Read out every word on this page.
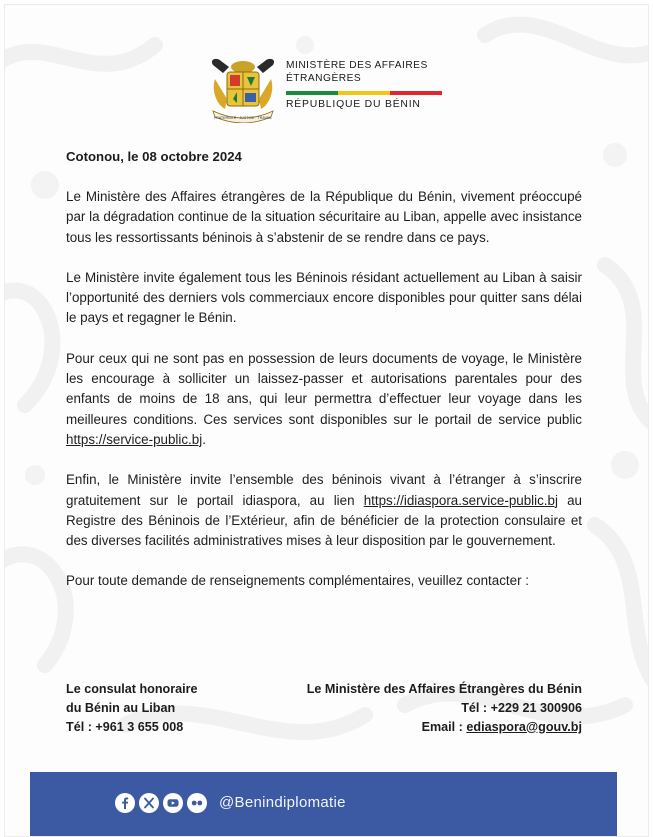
FRATERNITÉ · JUSTICE · TRAVAIL
MINISTÈRE DES AFFAIRES
ÉTRANGÈRES
RÉPUBLIQUE DU BÉNIN

Cotonou, le 08 octobre 2024

Le Ministère des Affaires étrangères de la République du Bénin, vivement préoccupé par la dégradation continue de la situation sécuritaire au Liban, appelle avec insistance tous les ressortissants béninois à s’abstenir de se rendre dans ce pays.

Le Ministère invite également tous les Béninois résidant actuellement au Liban à saisir l’opportunité des derniers vols commerciaux encore disponibles pour quitter sans délai le pays et regagner le Bénin.

Pour ceux qui ne sont pas en possession de leurs documents de voyage, le Ministère les encourage à solliciter un laissez-passer et autorisations parentales pour des enfants de moins de 18 ans, qui leur permettra d’effectuer leur voyage dans les meilleures conditions. Ces services sont disponibles sur le portail de service public https://service-public.bj.

Enfin, le Ministère invite l’ensemble des béninois vivant à l’étranger à s’inscrire gratuitement sur le portail idiaspora, au lien https://idiaspora.service-public.bj au Registre des Béninois de l’Extérieur, afin de bénéficier de la protection consulaire et des diverses facilités administratives mises à leur disposition par le gouvernement.

Pour toute demande de renseignements complémentaires, veuillez contacter :

Le consulat honoraire
du Bénin au Liban
Tél : +961 3 655 008
Le Ministère des Affaires Étrangères du Bénin
Tél : +229 21 300906
Email : ediaspora@gouv.bj
@Benindiplomatie
